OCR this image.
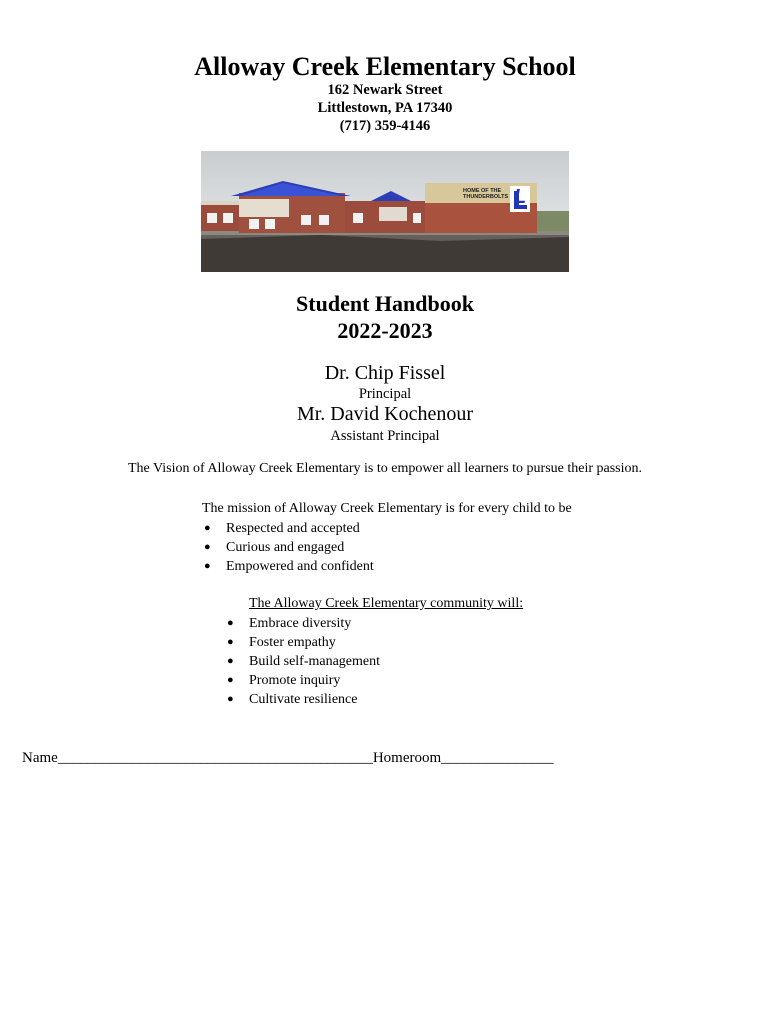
Alloway Creek Elementary School
162 Newark Street
Littlestown, PA 17340
(717) 359-4146
HOME OF THE
THUNDERBOLTS L
Student Handbook
2022-2023
Dr. Chip Fissel
Principal
Mr. David Kochenour
Assistant Principal
The Vision of Alloway Creek Elementary is to empower all learners to pursue their passion.
The mission of Alloway Creek Elementary is for every child to be
● Respected and accepted
● Curious and engaged
● Empowered and confident
The Alloway Creek Elementary community will:
● Embrace diversity
● Foster empathy
● Build self-management
● Promote inquiry
● Cultivate resilience
Name__________________________________________Homeroom_______________
